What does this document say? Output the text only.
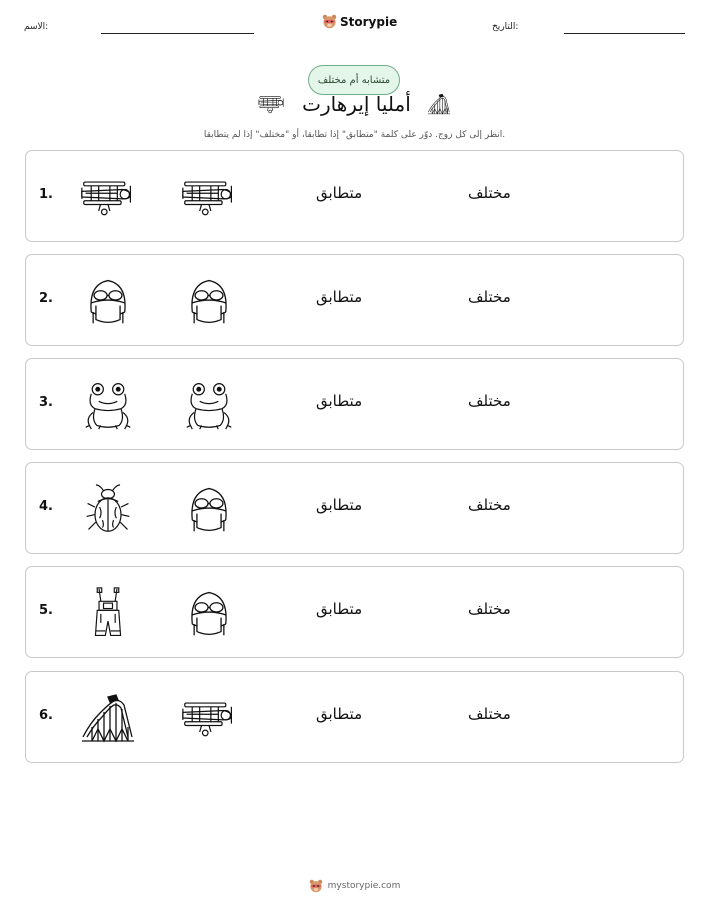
الاسم:	Storypie	التاريخ:
متشابه أم مختلف
أمليا إيرهارت
انظر إلى كل زوج. دوّر على كلمة "متطابق" إذا تطابقا، أو "مختلف" إذا لم يتطابقا.
1.	متطابق	مختلف
2.	متطابق	مختلف
3.	متطابق	مختلف
4.	متطابق	مختلف
5.	متطابق	مختلف
6.	متطابق	مختلف
mystorypie.com
